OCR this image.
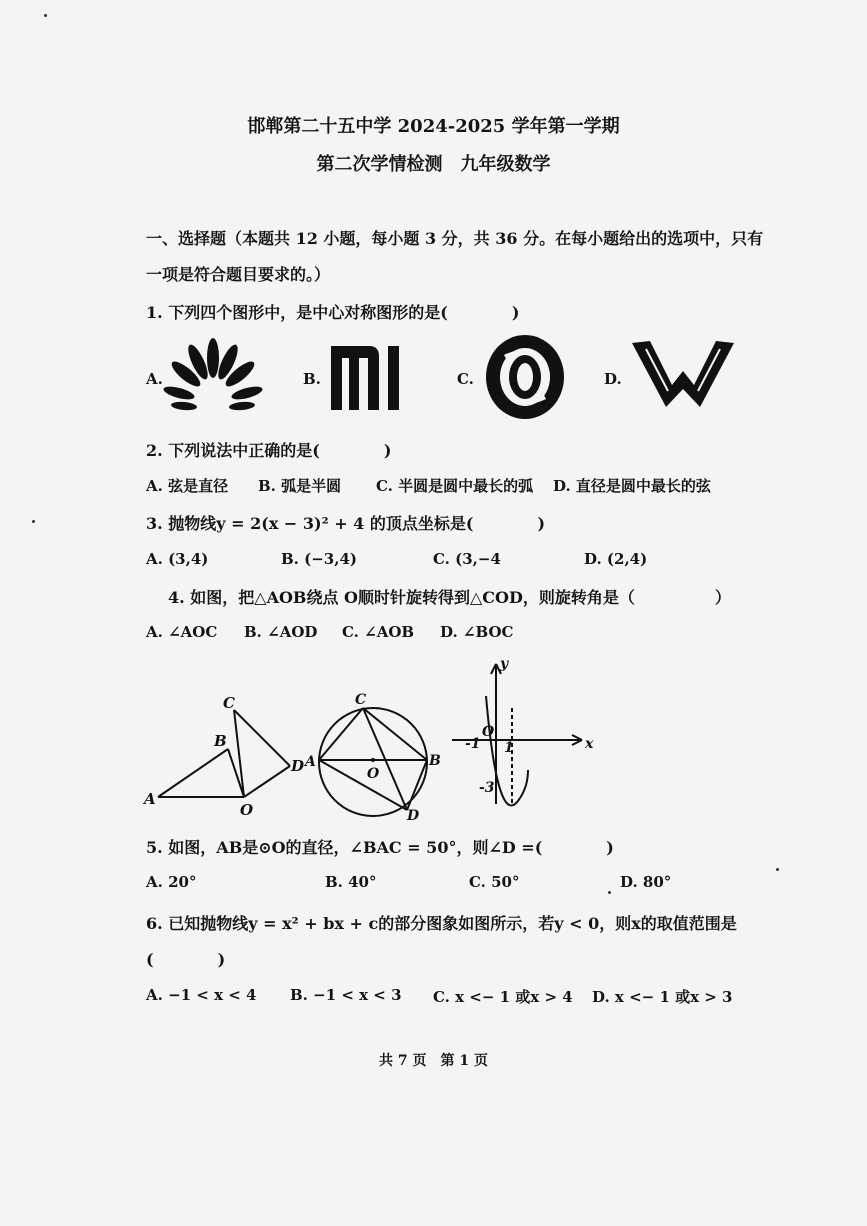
邯郸第二十五中学 2024-2025 学年第一学期
第二次学情检测　九年级数学
一、选择题（本题共 12 小题，每小题 3 分，共 36 分。在每小题给出的选项中，只有
一项是符合题目要求的。）
1. 下列四个图形中，是中心对称图形的是(　　　　)
A.	B.	C.	D.
2. 下列说法中正确的是(　　　　)
A. 弦是直径 B. 弧是半圆 C. 半圆是圆中最长的弧 D. 直径是圆中最长的弦
3. 抛物线y = 2(x − 3)² + 4 的顶点坐标是(　　　　)
A. (3,4)	B. (−3,4)	C. (3,−4	D. (2,4)
4. 如图，把△AOB绕点 O顺时针旋转得到△COD，则旋转角是（　　　　　）
A. ∠AOC B. ∠AOD C. ∠AOB D. ∠BOC
A
B
C
D
O
A	B
C
D
O
y
x
-1
O
1
-3
5. 如图，AB是⊙O的直径，∠BAC = 50°，则∠D =(　　　　)
A. 20°	B. 40°	C. 50°	D. 80°
6. 已知抛物线y = x² + bx + c的部分图象如图所示，若y < 0，则x的取值范围是
(　　　　)
A. −1 < x < 4 B. −1 < x < 3 C. x <− 1 或x > 4 D. x <− 1 或x > 3
共 7 页　第 1 页
